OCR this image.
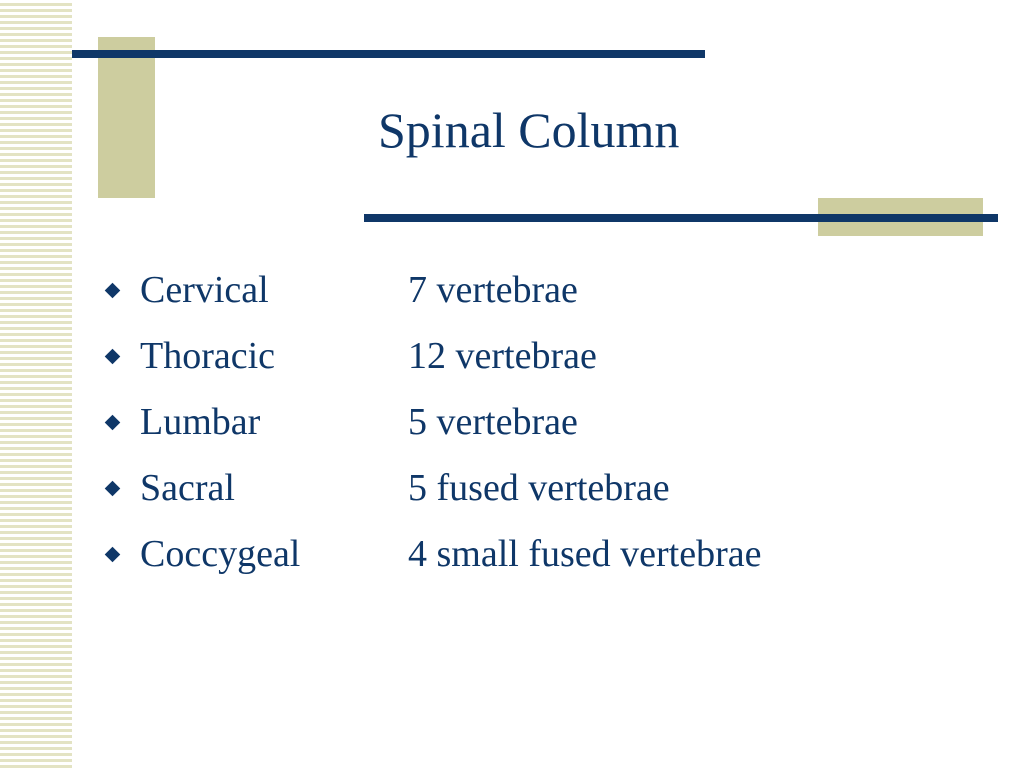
Spinal Column
Cervical	7 vertebrae
Thoracic	12 vertebrae
Lumbar	5 vertebrae
Sacral	5 fused vertebrae
Coccygeal	4 small fused vertebrae
